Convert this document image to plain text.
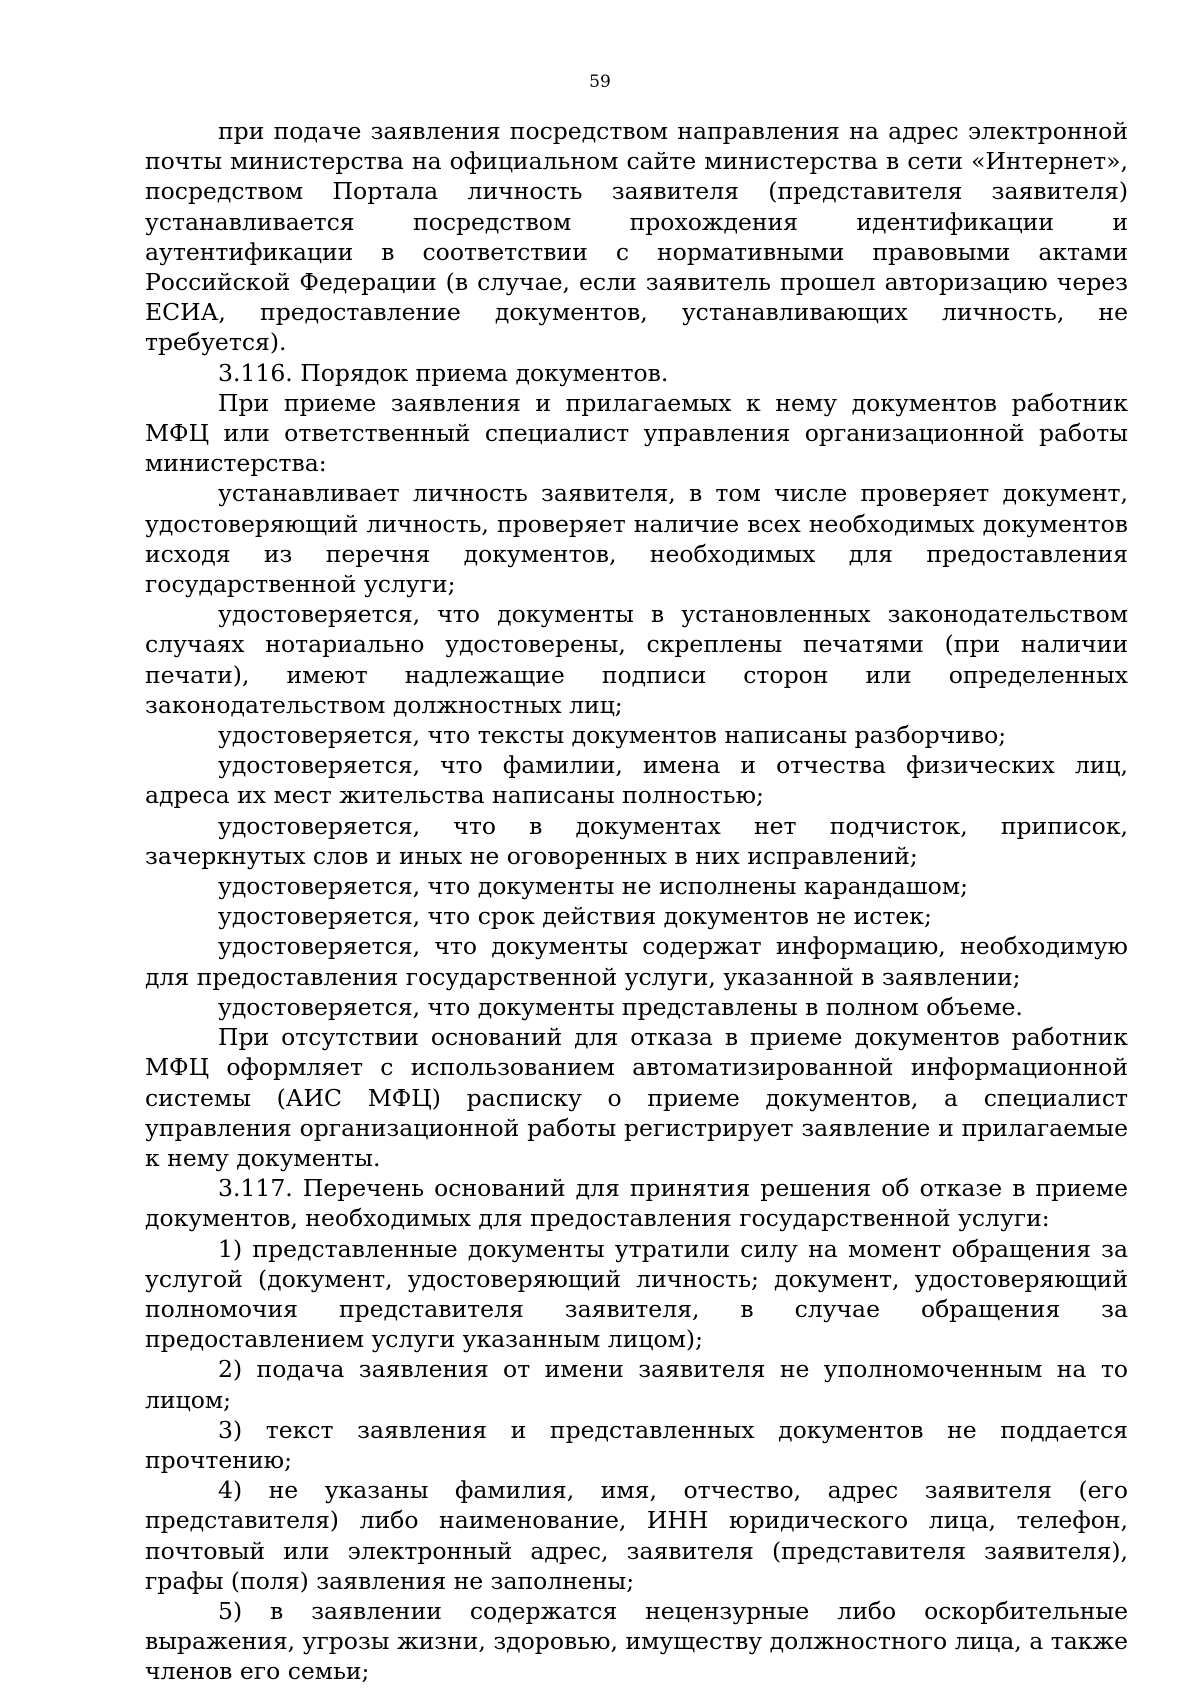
59

при подаче заявления посредством направления на адрес электронной почты министерства на официальном сайте министерства в сети «Интернет», посредством Портала личность заявителя (представителя заявителя) устанавливается посредством прохождения идентификации и аутентификации в соответствии с нормативными правовыми актами Российской Федерации (в случае, если заявитель прошел авторизацию через ЕСИА, предоставление документов, устанавливающих личность, не требуется).

3.116. Порядок приема документов.

При приеме заявления и прилагаемых к нему документов работник МФЦ или ответственный специалист управления организационной работы министерства:

устанавливает личность заявителя, в том числе проверяет документ, удостоверяющий личность, проверяет наличие всех необходимых документов исходя из перечня документов, необходимых для предоставления государственной услуги;

удостоверяется, что документы в установленных законодательством случаях нотариально удостоверены, скреплены печатями (при наличии печати), имеют надлежащие подписи сторон или определенных законодательством должностных лиц;

удостоверяется, что тексты документов написаны разборчиво;

удостоверяется, что фамилии, имена и отчества физических лиц, адреса их мест жительства написаны полностью;

удостоверяется, что в документах нет подчисток, приписок, зачеркнутых слов и иных не оговоренных в них исправлений;

удостоверяется, что документы не исполнены карандашом;

удостоверяется, что срок действия документов не истек;

удостоверяется, что документы содержат информацию, необходимую для предоставления государственной услуги, указанной в заявлении;

удостоверяется, что документы представлены в полном объеме.

При отсутствии оснований для отказа в приеме документов работник МФЦ оформляет с использованием автоматизированной информационной системы (АИС МФЦ) расписку о приеме документов, а специалист управления организационной работы регистрирует заявление и прилагаемые к нему документы.

3.117. Перечень оснований для принятия решения об отказе в приеме документов, необходимых для предоставления государственной услуги:

1) представленные документы утратили силу на момент обращения за услугой (документ, удостоверяющий личность; документ, удостоверяющий полномочия представителя заявителя, в случае обращения за предоставлением услуги указанным лицом);

2) подача заявления от имени заявителя не уполномоченным на то лицом;

3) текст заявления и представленных документов не поддается прочтению;

4) не указаны фамилия, имя, отчество, адрес заявителя (его представителя) либо наименование, ИНН юридического лица, телефон, почтовый или электронный адрес, заявителя (представителя заявителя), графы (поля) заявления не заполнены;

5) в заявлении содержатся нецензурные либо оскорбительные выражения, угрозы жизни, здоровью, имуществу должностного лица, а также членов его семьи;
